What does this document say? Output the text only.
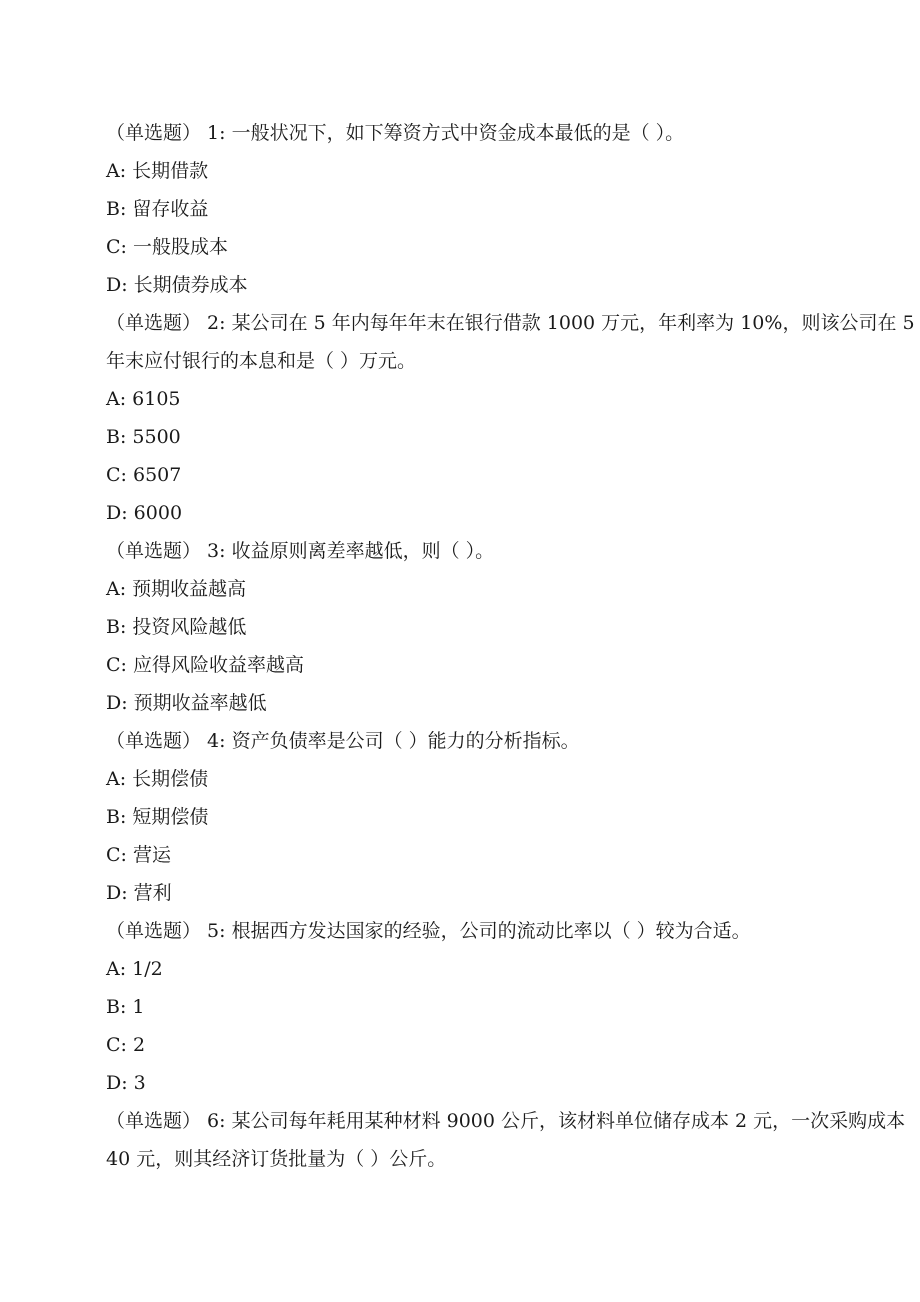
（单选题） 1: 一般状况下，如下筹资方式中资金成本最低的是（ ）。

A: 长期借款

B: 留存收益

C: 一般股成本

D: 长期债券成本

（单选题） 2: 某公司在 5 年内每年年末在银行借款 1000 万元，年利率为 10%，则该公司在 5

年末应付银行的本息和是（ ）万元。

A: 6105

B: 5500

C: 6507

D: 6000

（单选题） 3: 收益原则离差率越低，则（ ）。

A: 预期收益越高

B: 投资风险越低

C: 应得风险收益率越高

D: 预期收益率越低

（单选题） 4: 资产负债率是公司（ ）能力的分析指标。

A: 长期偿债

B: 短期偿债

C: 营运

D: 营利

（单选题） 5: 根据西方发达国家的经验，公司的流动比率以（ ）较为合适。

A: 1/2

B: 1

C: 2

D: 3

（单选题） 6: 某公司每年耗用某种材料 9000 公斤，该材料单位储存成本 2 元，一次采购成本

40 元，则其经济订货批量为（ ）公斤。
